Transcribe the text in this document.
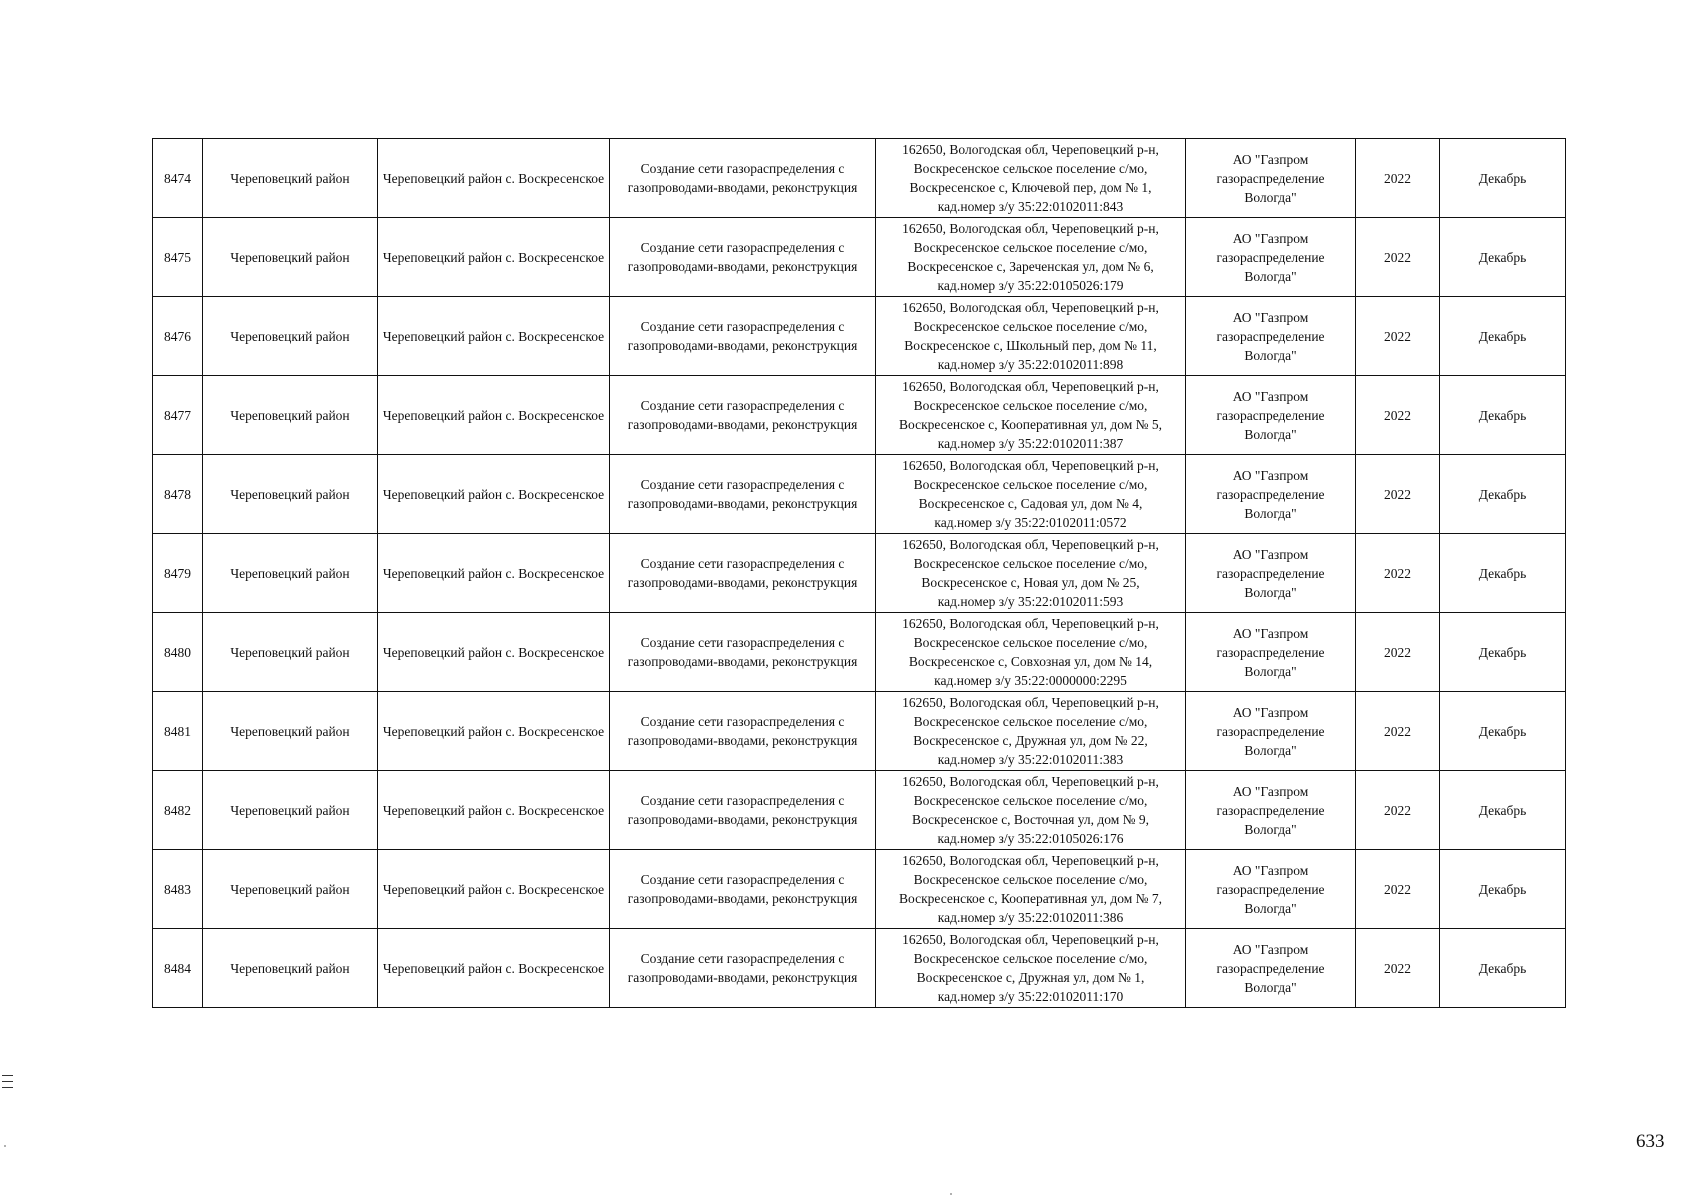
8474	Череповецкий район	Череповецкий район с. Воскресенское	Создание сети газораспределения с газопроводами-вводами, реконструкция	162650, Вологодская обл, Череповецкий р-н,
Воскресенское сельское поселение с/мо,
Воскресенское с, Ключевой пер, дом № 1,
кад.номер з/у 35:22:0102011:843	АО "Газпром газораспределение Вологда"	2022	Декабрь
8475	Череповецкий район	Череповецкий район с. Воскресенское	Создание сети газораспределения с газопроводами-вводами, реконструкция	162650, Вологодская обл, Череповецкий р-н,
Воскресенское сельское поселение с/мо,
Воскресенское с, Зареченская ул, дом № 6,
кад.номер з/у 35:22:0105026:179	АО "Газпром газораспределение Вологда"	2022	Декабрь
8476	Череповецкий район	Череповецкий район с. Воскресенское	Создание сети газораспределения с газопроводами-вводами, реконструкция	162650, Вологодская обл, Череповецкий р-н,
Воскресенское сельское поселение с/мо,
Воскресенское с, Школьный пер, дом № 11,
кад.номер з/у 35:22:0102011:898	АО "Газпром газораспределение Вологда"	2022	Декабрь
8477	Череповецкий район	Череповецкий район с. Воскресенское	Создание сети газораспределения с газопроводами-вводами, реконструкция	162650, Вологодская обл, Череповецкий р-н,
Воскресенское сельское поселение с/мо,
Воскресенское с, Кооперативная ул, дом № 5,
кад.номер з/у 35:22:0102011:387	АО "Газпром газораспределение Вологда"	2022	Декабрь
8478	Череповецкий район	Череповецкий район с. Воскресенское	Создание сети газораспределения с газопроводами-вводами, реконструкция	162650, Вологодская обл, Череповецкий р-н,
Воскресенское сельское поселение с/мо,
Воскресенское с, Садовая ул, дом № 4,
кад.номер з/у 35:22:0102011:0572	АО "Газпром газораспределение Вологда"	2022	Декабрь
8479	Череповецкий район	Череповецкий район с. Воскресенское	Создание сети газораспределения с газопроводами-вводами, реконструкция	162650, Вологодская обл, Череповецкий р-н,
Воскресенское сельское поселение с/мо,
Воскресенское с, Новая ул, дом № 25,
кад.номер з/у 35:22:0102011:593	АО "Газпром газораспределение Вологда"	2022	Декабрь
8480	Череповецкий район	Череповецкий район с. Воскресенское	Создание сети газораспределения с газопроводами-вводами, реконструкция	162650, Вологодская обл, Череповецкий р-н,
Воскресенское сельское поселение с/мо,
Воскресенское с, Совхозная ул, дом № 14,
кад.номер з/у 35:22:0000000:2295	АО "Газпром газораспределение Вологда"	2022	Декабрь
8481	Череповецкий район	Череповецкий район с. Воскресенское	Создание сети газораспределения с газопроводами-вводами, реконструкция	162650, Вологодская обл, Череповецкий р-н,
Воскресенское сельское поселение с/мо,
Воскресенское с, Дружная ул, дом № 22,
кад.номер з/у 35:22:0102011:383	АО "Газпром газораспределение Вологда"	2022	Декабрь
8482	Череповецкий район	Череповецкий район с. Воскресенское	Создание сети газораспределения с газопроводами-вводами, реконструкция	162650, Вологодская обл, Череповецкий р-н,
Воскресенское сельское поселение с/мо,
Воскресенское с, Восточная ул, дом № 9,
кад.номер з/у 35:22:0105026:176	АО "Газпром газораспределение Вологда"	2022	Декабрь
8483	Череповецкий район	Череповецкий район с. Воскресенское	Создание сети газораспределения с газопроводами-вводами, реконструкция	162650, Вологодская обл, Череповецкий р-н,
Воскресенское сельское поселение с/мо,
Воскресенское с, Кооперативная ул, дом № 7,
кад.номер з/у 35:22:0102011:386	АО "Газпром газораспределение Вологда"	2022	Декабрь
8484	Череповецкий район	Череповецкий район с. Воскресенское	Создание сети газораспределения с газопроводами-вводами, реконструкция	162650, Вологодская обл, Череповецкий р-н,
Воскресенское сельское поселение с/мо,
Воскресенское с, Дружная ул, дом № 1,
кад.номер з/у 35:22:0102011:170	АО "Газпром газораспределение Вологда"	2022	Декабрь
633
